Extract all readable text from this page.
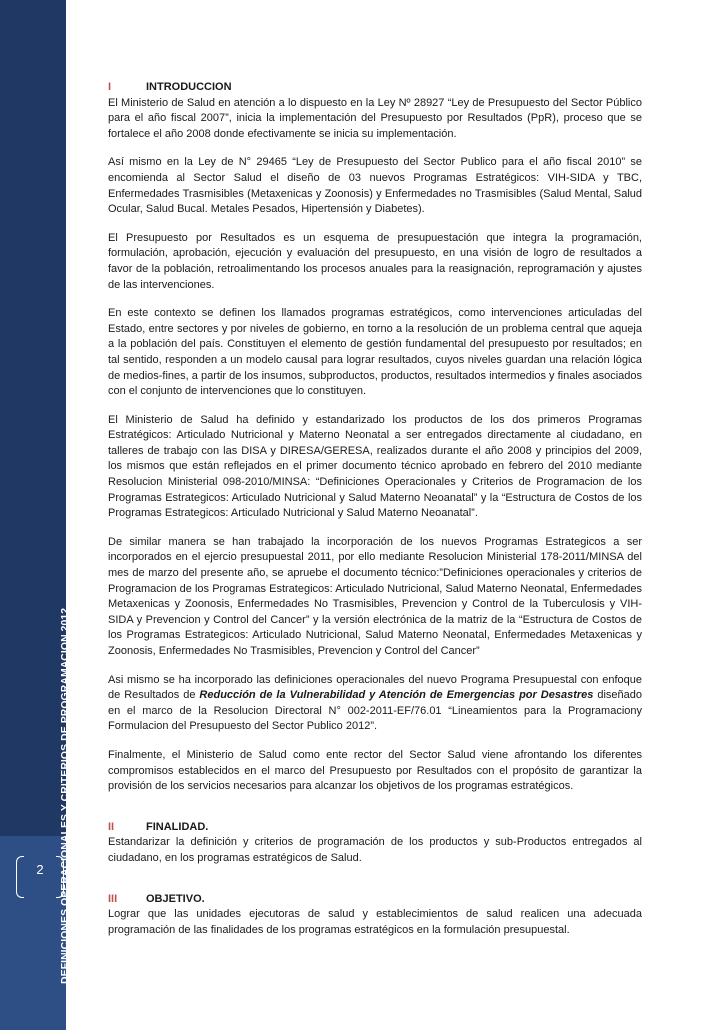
DEFINICIONES OPERACIONALES Y CRITERIOS DE PROGRAMACION 2012
2
I	INTRODUCCION

El Ministerio de Salud en atención a lo dispuesto en la Ley Nº 28927 “Ley de Presupuesto del Sector Público para el año fiscal 2007”, inicia la implementación del Presupuesto por Resultados (PpR), proceso que se fortalece el año 2008 donde efectivamente se inicia su implementación.

Así mismo en la Ley de N° 29465 “Ley de Presupuesto del Sector Publico para el año fiscal 2010” se encomienda al Sector Salud el diseño de 03 nuevos Programas Estratégicos: VIH-SIDA y TBC, Enfermedades Trasmisibles (Metaxenicas y Zoonosis) y Enfermedades no Trasmisibles (Salud Mental, Salud Ocular, Salud Bucal. Metales Pesados, Hipertensión y Diabetes).

El Presupuesto por Resultados es un esquema de presupuestación que integra la programación, formulación, aprobación, ejecución y evaluación del presupuesto, en una visión de logro de resultados a favor de la población, retroalimentando los procesos anuales para la reasignación, reprogramación y ajustes de las intervenciones.

En este contexto se definen los llamados programas estratégicos, como intervenciones articuladas del Estado, entre sectores y por niveles de gobierno, en torno a la resolución de un problema central que aqueja a la población del país. Constituyen el elemento de gestión fundamental del presupuesto por resultados; en tal sentido, responden a un modelo causal para lograr resultados, cuyos niveles guardan una relación lógica de medios-fines, a partir de los insumos, subproductos, productos, resultados intermedios y finales asociados con el conjunto de intervenciones que lo constituyen.

El Ministerio de Salud ha definido y estandarizado los productos de los dos primeros Programas Estratégicos: Articulado Nutricional y Materno Neonatal a ser entregados directamente al ciudadano, en talleres de trabajo con las DISA y DIRESA/GERESA, realizados durante el año 2008 y principios del 2009, los mismos que están reflejados en el primer documento técnico aprobado en febrero del 2010 mediante Resolucion Ministerial 098-2010/MINSA: “Definiciones Operacionales y Criterios de Programacion de los Programas Estrategicos: Articulado Nutricional y Salud Materno Neoanatal” y la “Estructura de Costos de los Programas Estrategicos: Articulado Nutricional y Salud Materno Neoanatal”.

De similar manera se han trabajado la incorporación de los nuevos Programas Estrategicos a ser incorporados en el ejercio presupuestal 2011, por ello mediante Resolucion Ministerial 178-2011/MINSA del mes de marzo del presente año, se apruebe el documento técnico:”Definiciones operacionales y criterios de Programacion de los Programas Estrategicos: Articulado Nutricional, Salud Materno Neonatal, Enfermedades Metaxenicas y Zoonosis, Enfermedades No Trasmisibles, Prevencion y Control de la Tuberculosis y VIH-SIDA y Prevencion y Control del Cancer” y la versión electrónica de la matriz de la “Estructura de Costos de los Programas Estrategicos: Articulado Nutricional, Salud Materno Neonatal, Enfermedades Metaxenicas y Zoonosis, Enfermedades No Trasmisibles, Prevencion y Control del Cancer”

Asi mismo se ha incorporado las definiciones operacionales del nuevo Programa Presupuestal con enfoque de Resultados de Reducción de la Vulnerabilidad y Atención de Emergencias por Desastres diseñado en el marco de la Resolucion Directoral N° 002-2011-EF/76.01 “Lineamientos para la Programaciony Formulacion del Presupuesto del Sector Publico 2012”.

Finalmente, el Ministerio de Salud como ente rector del Sector Salud viene afrontando los diferentes compromisos establecidos en el marco del Presupuesto por Resultados con el propósito de garantizar la provisión de los servicios necesarios para alcanzar los objetivos de los programas estratégicos.

II	FINALIDAD.

Estandarizar la definición y criterios de programación de los productos y sub-Productos entregados al ciudadano, en los programas estratégicos de Salud.

III	OBJETIVO.

Lograr que las unidades ejecutoras de salud y establecimientos de salud realicen una adecuada programación de las finalidades de los programas estratégicos en la formulación presupuestal.
